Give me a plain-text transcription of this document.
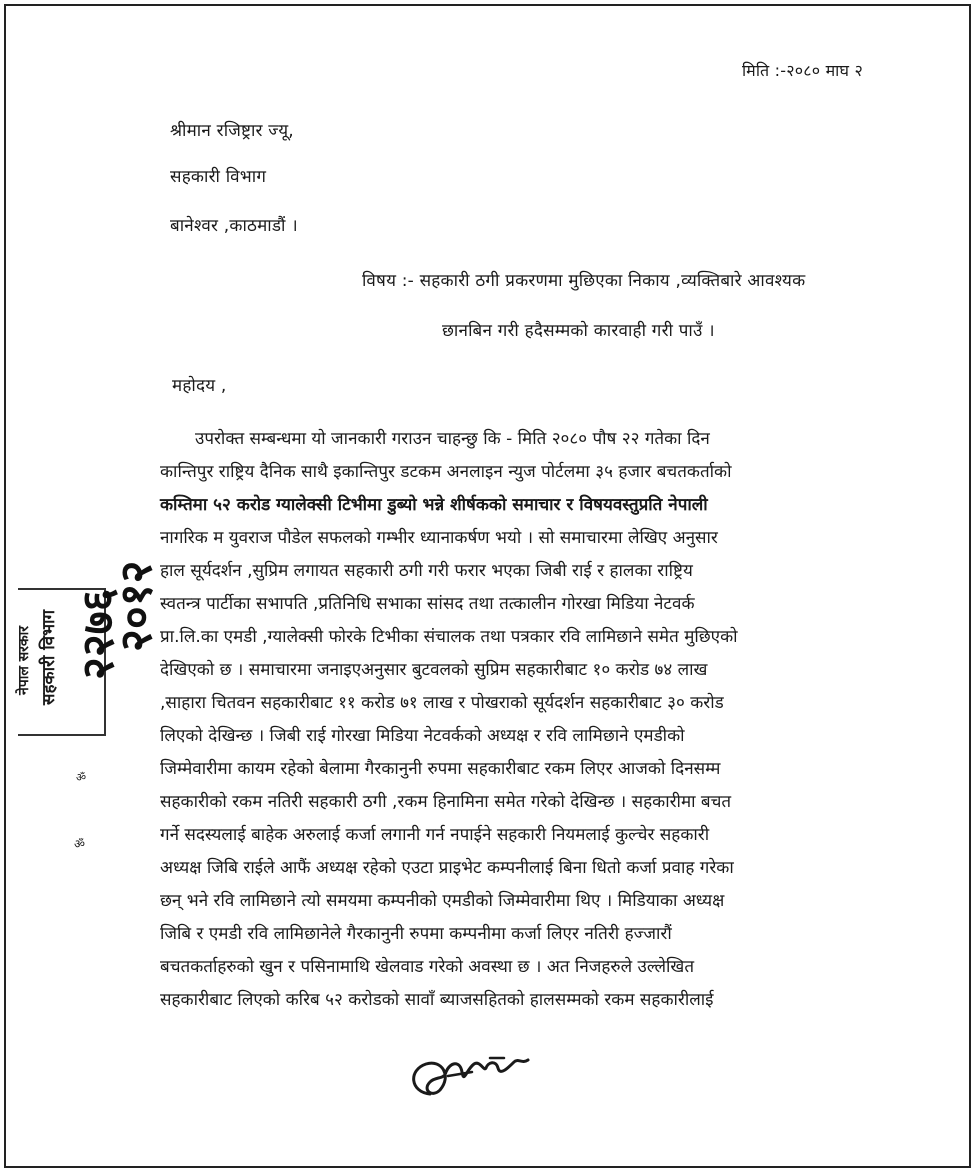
मिति :-२०८० माघ २
श्रीमान रजिष्ट्रार ज्यू,
सहकारी विभाग
बानेश्वर ,काठमाडौं ।
विषय :- सहकारी ठगी प्रकरणमा मुछिएका निकाय ,व्यक्तिबारे आवश्यक
छानबिन गरी हदैसम्मको कारवाही गरी पाउँ ।
महोदय ,
उपरोक्त सम्बन्धमा यो जानकारी गराउन चाहन्छु कि - मिति २०८० पौष २२ गतेका दिन
कान्तिपुर राष्ट्रिय दैनिक साथै इकान्तिपुर डटकम अनलाइन न्युज पोर्टलमा ३५ हजार बचतकर्ताको
कम्तिमा ५२ करोड ग्यालेक्सी टिभीमा डुब्यो भन्ने शीर्षकको समाचार र विषयवस्तुप्रति नेपाली
नागरिक म युवराज पौडेल सफलको गम्भीर ध्यानाकर्षण भयो । सो समाचारमा लेखिए अनुसार
हाल सूर्यदर्शन ,सुप्रिम लगायत सहकारी ठगी गरी फरार भएका जिबी राई र हालका राष्ट्रिय
स्वतन्त्र पार्टीका सभापति ,प्रतिनिधि सभाका सांसद तथा तत्कालीन गोरखा मिडिया नेटवर्क
प्रा.लि.का एमडी ,ग्यालेक्सी फोरके टिभीका संचालक तथा पत्रकार रवि लामिछाने समेत मुछिएको
देखिएको छ । समाचारमा जनाइएअनुसार बुटवलको सुप्रिम सहकारीबाट १० करोड ७४ लाख
,साहारा चितवन सहकारीबाट ११ करोड ७१ लाख र पोखराको सूर्यदर्शन सहकारीबाट ३० करोड
लिएको देखिन्छ । जिबी राई गोरखा मिडिया नेटवर्कको अध्यक्ष र रवि लामिछाने एमडीको
जिम्मेवारीमा कायम रहेको बेलामा गैरकानुनी रुपमा सहकारीबाट रकम लिएर आजको दिनसम्म
सहकारीको रकम नतिरी सहकारी ठगी ,रकम हिनामिना समेत गरेको देखिन्छ । सहकारीमा बचत
गर्ने सदस्यलाई बाहेक अरुलाई कर्जा लगानी गर्न नपाईने सहकारी नियमलाई कुल्चेर सहकारी
अध्यक्ष जिबि राईले आफैं अध्यक्ष रहेको एउटा प्राइभेट कम्पनीलाई बिना धितो कर्जा प्रवाह गरेका
छन् भने रवि लामिछाने त्यो समयमा कम्पनीको एमडीको जिम्मेवारीमा थिए । मिडियाका अध्यक्ष
जिबि र एमडी रवि लामिछानेले गैरकानुनी रुपमा कम्पनीमा कर्जा लिएर नतिरी हज्जारौं
बचतकर्ताहरुको खुन र पसिनामाथि खेलवाड गरेको अवस्था छ । अत निजहरुले उल्लेखित
सहकारीबाट लिएको करिब ५२ करोडको सावाँ ब्याजसहितको हालसम्मको रकम सहकारीलाई
नेपाल सरकार सहकारी विभाग २२७६
२०१२
ॐ
ॐ
